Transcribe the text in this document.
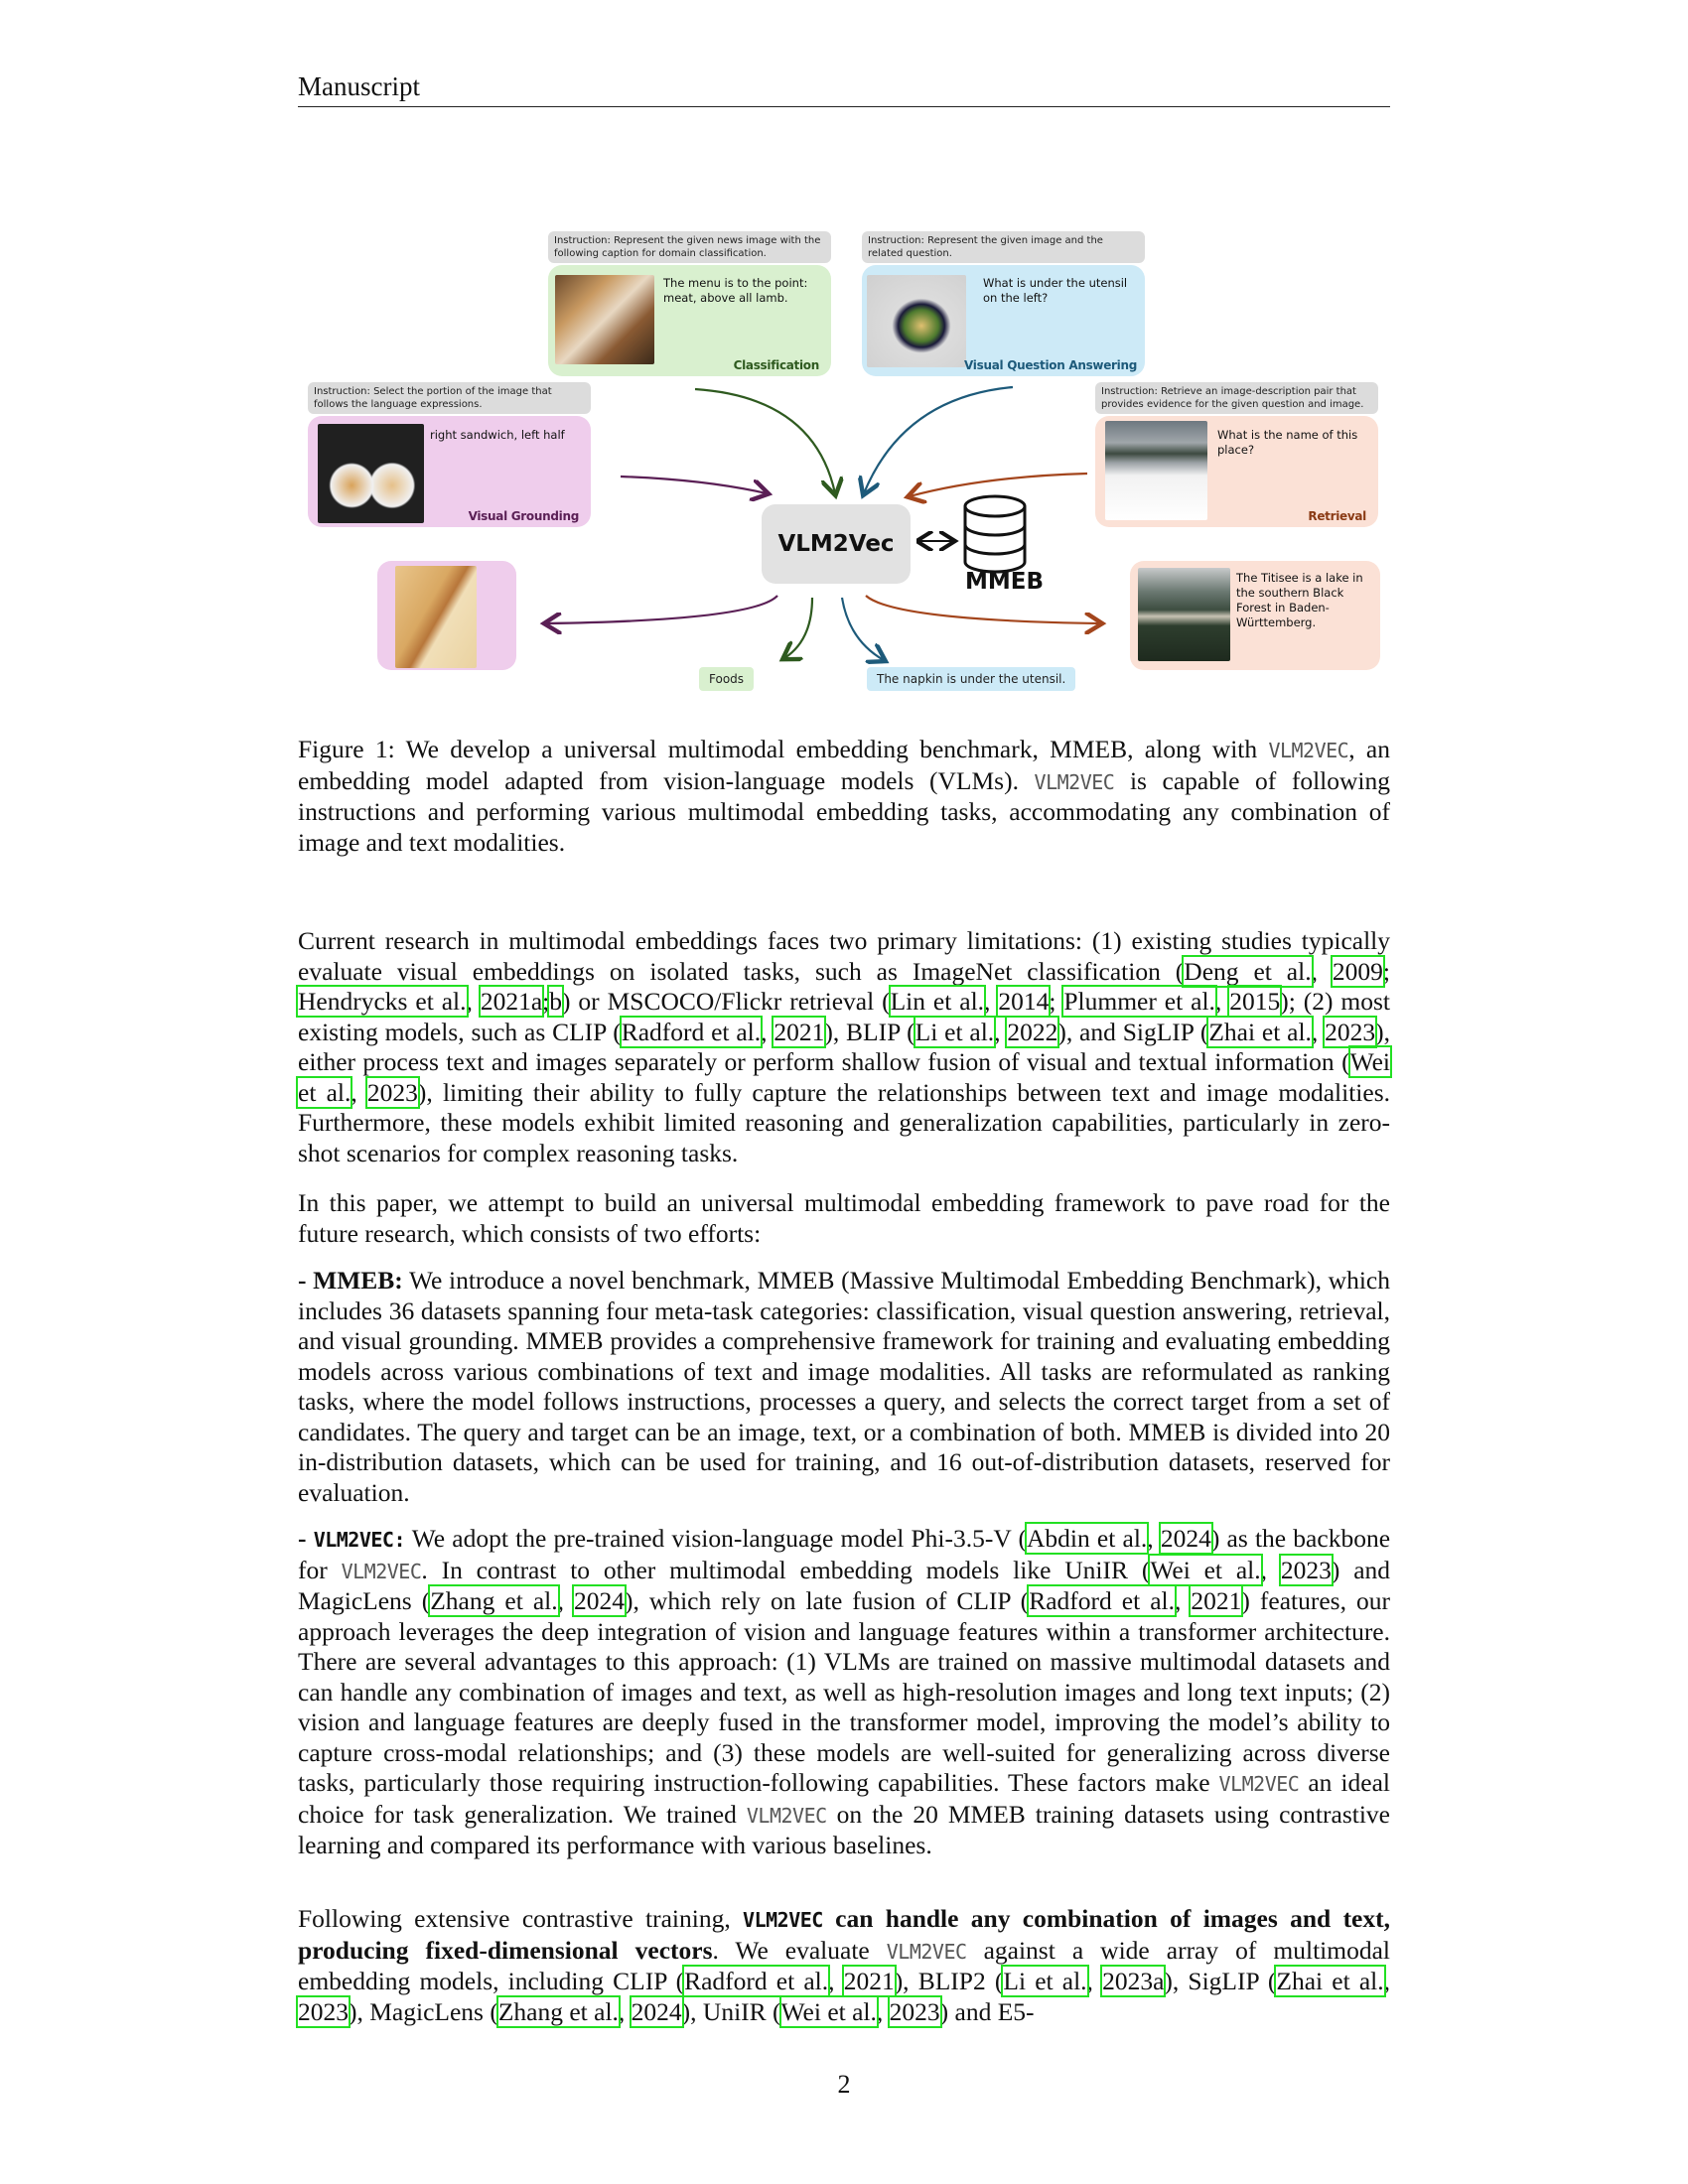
Manuscript
Instruction: Represent the given news image with the following caption for domain classification.
The menu is to the point: meat, above all lamb.
Classification
Instruction: Represent the given image and the related question.
What is under the utensil on the left?
Visual Question Answering
Instruction: Select the portion of the image that follows the language expressions.
right sandwich, left half
Visual Grounding
Instruction: Retrieve an image-description pair that provides evidence for the given question and image.
What is the name of this place?
Retrieval
VLM2Vec
MMEB
Foods	The napkin is under the utensil.
The Titisee is a lake in the southern Black Forest in Baden-Württemberg.
Figure 1: We develop a universal multimodal embedding benchmark, MMEB, along with VLM2VEC, an embedding model adapted from vision-language models (VLMs). VLM2VEC is capable of following instructions and performing various multimodal embedding tasks, accommodating any combination of image and text modalities.
Current research in multimodal embeddings faces two primary limitations: (1) existing studies typically evaluate visual embeddings on isolated tasks, such as ImageNet classification (Deng et al., 2009; Hendrycks et al., 2021a;b) or MSCOCO/Flickr retrieval (Lin et al., 2014; Plummer et al., 2015); (2) most existing models, such as CLIP (Radford et al., 2021), BLIP (Li et al., 2022), and SigLIP (Zhai et al., 2023), either process text and images separately or perform shallow fusion of visual and textual information (Wei et al., 2023), limiting their ability to fully capture the relationships between text and image modalities. Furthermore, these models exhibit limited reasoning and generalization capabilities, particularly in zero-shot scenarios for complex reasoning tasks.
In this paper, we attempt to build an universal multimodal embedding framework to pave road for the future research, which consists of two efforts:
- MMEB: We introduce a novel benchmark, MMEB (Massive Multimodal Embedding Benchmark), which includes 36 datasets spanning four meta-task categories: classification, visual question answering, retrieval, and visual grounding. MMEB provides a comprehensive framework for training and evaluating embedding models across various combinations of text and image modalities. All tasks are reformulated as ranking tasks, where the model follows instructions, processes a query, and selects the correct target from a set of candidates. The query and target can be an image, text, or a combination of both. MMEB is divided into 20 in-distribution datasets, which can be used for training, and 16 out-of-distribution datasets, reserved for evaluation.
- VLM2VEC: We adopt the pre-trained vision-language model Phi-3.5-V (Abdin et al., 2024) as the backbone for VLM2VEC. In contrast to other multimodal embedding models like UniIR (Wei et al., 2023) and MagicLens (Zhang et al., 2024), which rely on late fusion of CLIP (Radford et al., 2021) features, our approach leverages the deep integration of vision and language features within a transformer architecture. There are several advantages to this approach: (1) VLMs are trained on massive multimodal datasets and can handle any combination of images and text, as well as high-resolution images and long text inputs; (2) vision and language features are deeply fused in the transformer model, improving the model’s ability to capture cross-modal relationships; and (3) these models are well-suited for generalizing across diverse tasks, particularly those requiring instruction-following capabilities. These factors make VLM2VEC an ideal choice for task generalization. We trained VLM2VEC on the 20 MMEB training datasets using contrastive learning and compared its performance with various baselines.
Following extensive contrastive training, VLM2VEC can handle any combination of images and text, producing fixed-dimensional vectors. We evaluate VLM2VEC against a wide array of multimodal embedding models, including CLIP (Radford et al., 2021), BLIP2 (Li et al., 2023a), SigLIP (Zhai et al., 2023), MagicLens (Zhang et al., 2024), UniIR (Wei et al., 2023) and E5-
2
